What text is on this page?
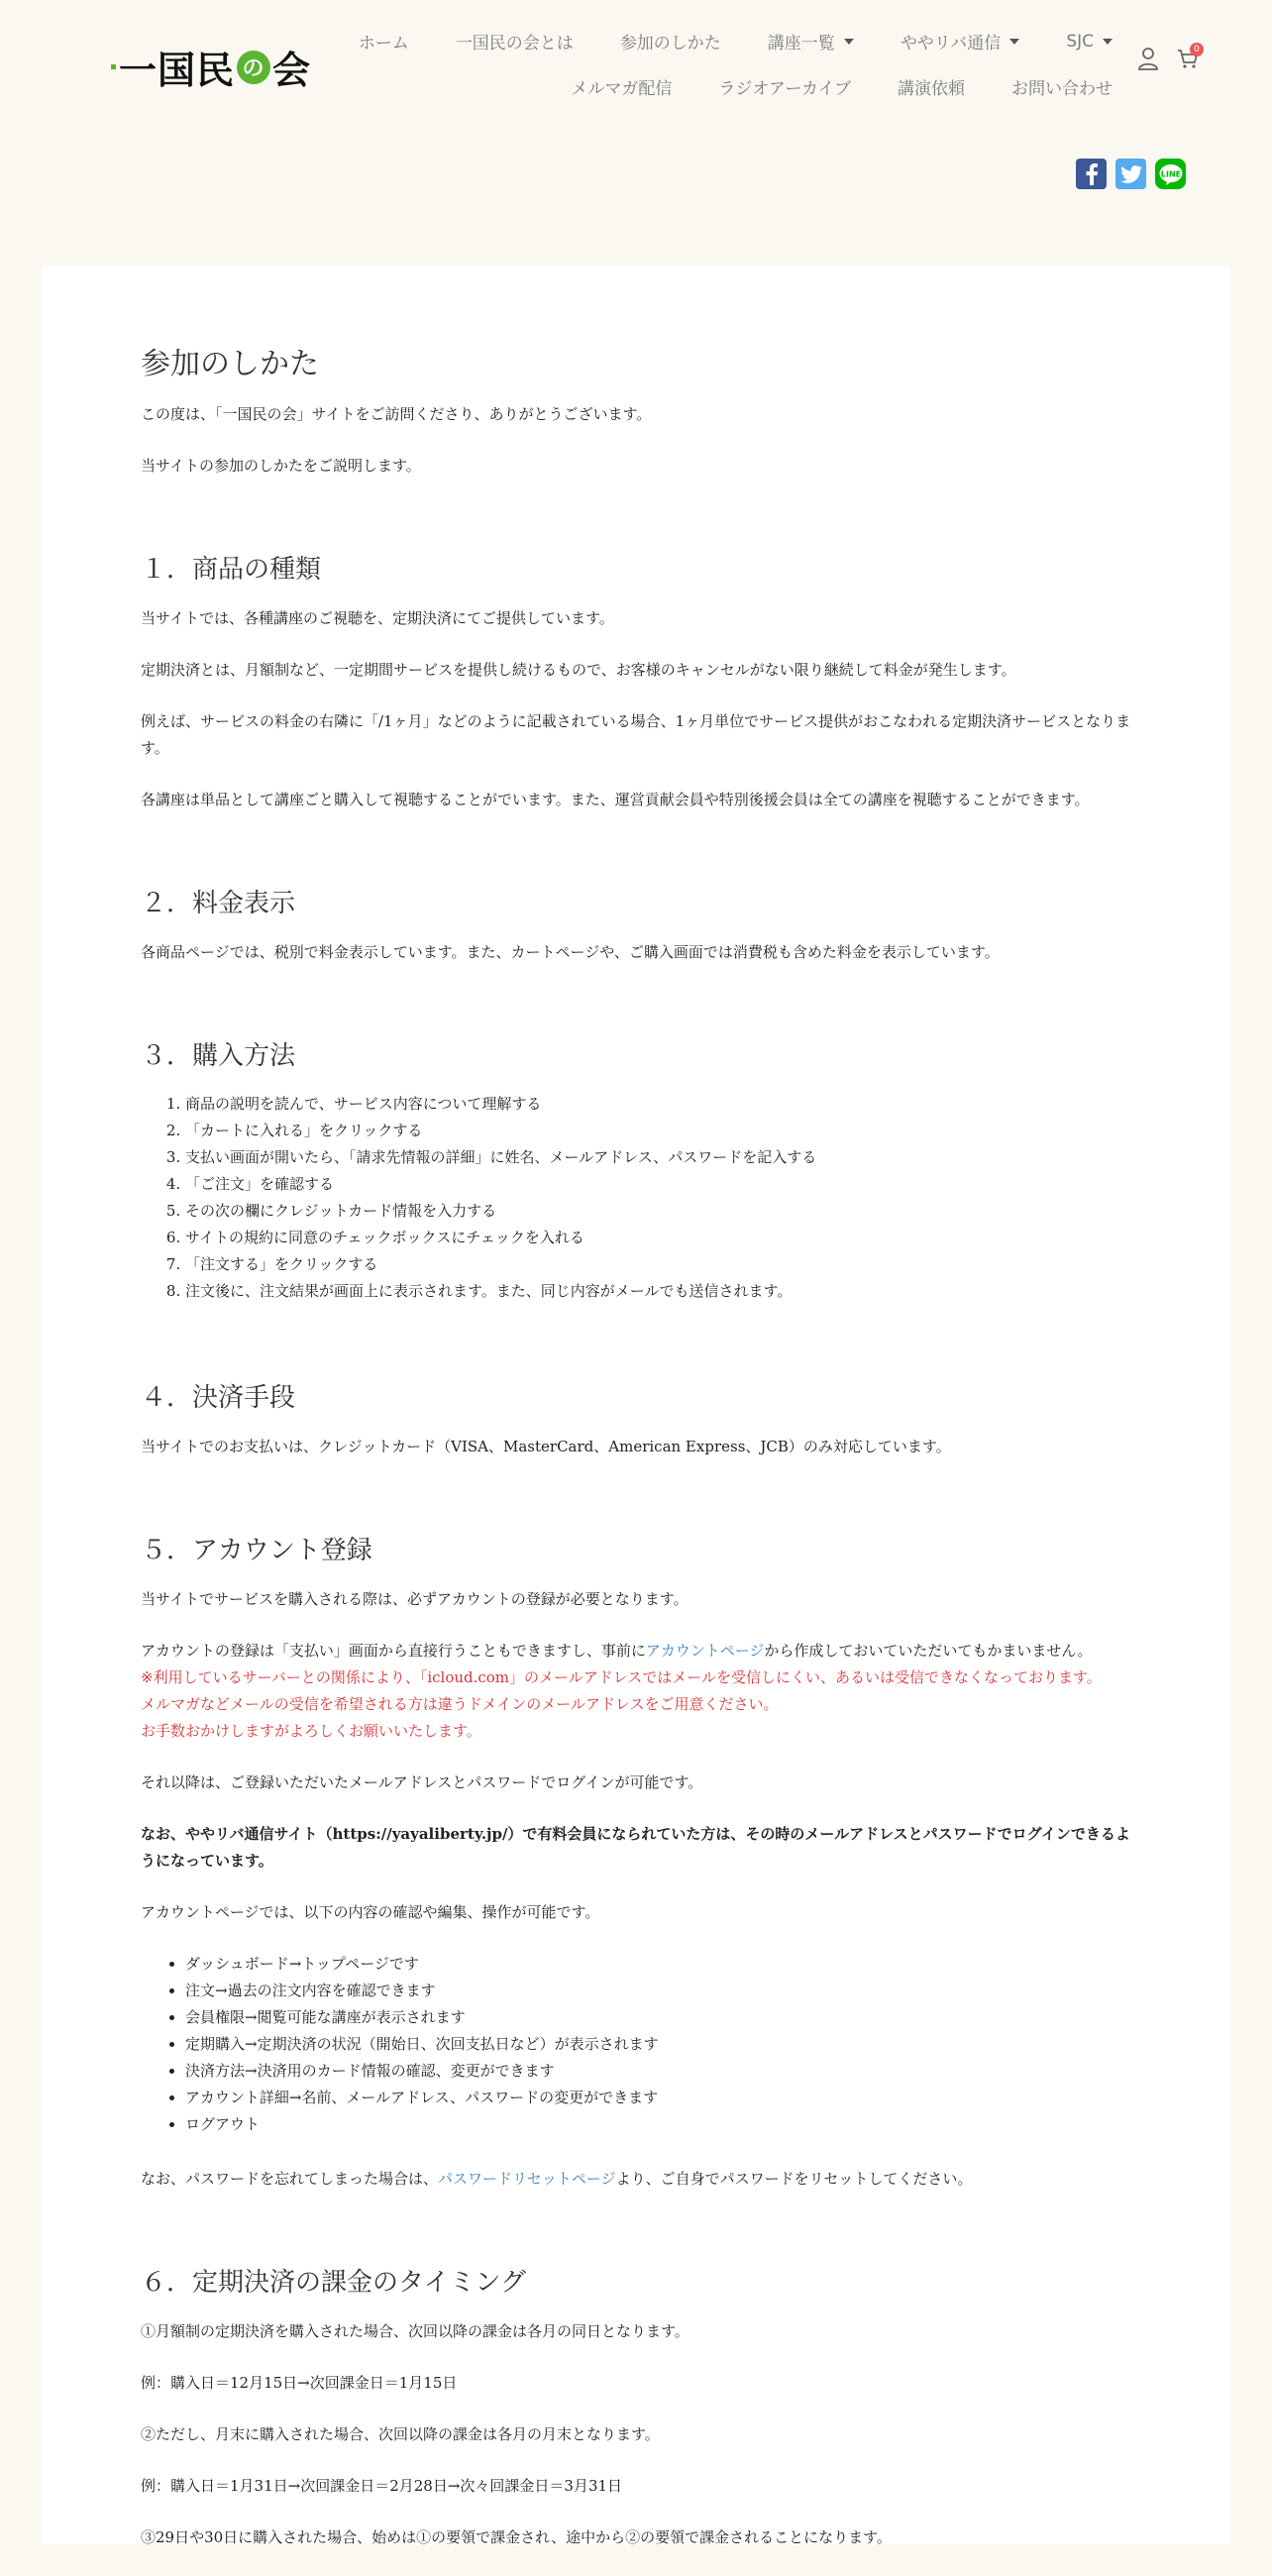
一国民 の 会
ホーム	一国民の会とは	参加のしかた	講座一覧	ややリバ通信	SJC
メルマガ配信	ラジオアーカイブ	講演依頼	お問い合わせ
0
LINE
参加のしかた

この度は、「一国民の会」サイトをご訪問くださり、ありがとうございます。

当サイトの参加のしかたをご説明します。

１．商品の種類

当サイトでは、各種講座のご視聴を、定期決済にてご提供しています。

定期決済とは、月額制など、一定期間サービスを提供し続けるもので、お客様のキャンセルがない限り継続して料金が発生します。

例えば、サービスの料金の右隣に「/1ヶ月」などのように記載されている場合、1ヶ月単位でサービス提供がおこなわれる定期決済サービスとなります。

各講座は単品として講座ごと購入して視聴することがでいます。また、運営貢献会員や特別後援会員は全ての講座を視聴することができます。

２．料金表示

各商品ページでは、税別で料金表示しています。また、カートページや、ご購入画面では消費税も含めた料金を表示しています。

３．購入方法
1. 商品の説明を読んで、サービス内容について理解する
2. 「カートに入れる」をクリックする
3. 支払い画面が開いたら、「請求先情報の詳細」に姓名、メールアドレス、パスワードを記入する
4. 「ご注文」を確認する
5. その次の欄にクレジットカード情報を入力する
6. サイトの規約に同意のチェックボックスにチェックを入れる
7. 「注文する」をクリックする
8. 注文後に、注文結果が画面上に表示されます。また、同じ内容がメールでも送信されます。
４．決済手段

当サイトでのお支払いは、クレジットカード（VISA、MasterCard、American Express、JCB）のみ対応しています。

５．アカウント登録

当サイトでサービスを購入される際は、必ずアカウントの登録が必要となります。

アカウントの登録は「支払い」画面から直接行うこともできますし、事前にアカウントページから作成しておいていただいてもかまいません。
※利用しているサーバーとの関係により、「icloud.com」のメールアドレスではメールを受信しにくい、あるいは受信できなくなっております。
メルマガなどメールの受信を希望される方は違うドメインのメールアドレスをご用意ください。
お手数おかけしますがよろしくお願いいたします。

それ以降は、ご登録いただいたメールアドレスとパスワードでログインが可能です。

なお、ややリバ通信サイト（https://yayaliberty.jp/）で有料会員になられていた方は、その時のメールアドレスとパスワードでログインできるようになっています。

アカウントページでは、以下の内容の確認や編集、操作が可能です。

• ダッシュボード→トップページです
• 注文→過去の注文内容を確認できます
• 会員権限→閲覧可能な講座が表示されます
• 定期購入→定期決済の状況（開始日、次回支払日など）が表示されます
• 決済方法→決済用のカード情報の確認、変更ができます
• アカウント詳細→名前、メールアドレス、パスワードの変更ができます
• ログアウト

なお、パスワードを忘れてしまった場合は、パスワードリセットページより、ご自身でパスワードをリセットしてください。

６．定期決済の課金のタイミング

①月額制の定期決済を購入された場合、次回以降の課金は各月の同日となります。

例：購入日＝12月15日→次回課金日＝1月15日

②ただし、月末に購入された場合、次回以降の課金は各月の月末となります。

例：購入日＝1月31日→次回課金日＝2月28日→次々回課金日＝3月31日

③29日や30日に購入された場合、始めは①の要領で課金され、途中から②の要領で課金されることになります。
